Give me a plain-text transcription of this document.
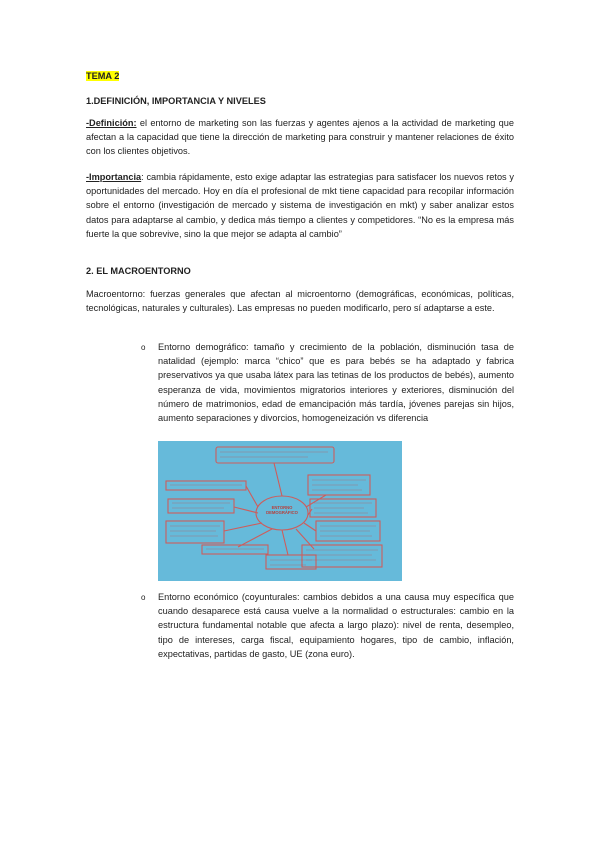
TEMA 2

1.DEFINICIÓN, IMPORTANCIA Y NIVELES

-Definición: el entorno de marketing son las fuerzas y agentes ajenos a la actividad de marketing que afectan a la capacidad que tiene la dirección de marketing para construir y mantener relaciones de éxito con los clientes objetivos.

-Importancia: cambia rápidamente, esto exige adaptar las estrategias para satisfacer los nuevos retos y oportunidades del mercado. Hoy en día el profesional de mkt tiene capacidad para recopilar información sobre el entorno (investigación de mercado y sistema de investigación en mkt) y saber analizar estos datos para adaptarse al cambio, y dedica más tiempo a clientes y competidores. “No es la empresa más fuerte la que sobrevive, sino la que mejor se adapta al cambio”

2. EL MACROENTORNO

Macroentorno: fuerzas generales que afectan al microentorno (demográficas, económicas, políticas, tecnológicas, naturales y culturales). Las empresas no pueden modificarlo, pero sí adaptarse a este.

o Entorno demográfico: tamaño y crecimiento de la población, disminución tasa de natalidad (ejemplo: marca “chico” que es para bebés se ha adaptado y fabrica preservativos ya que usaba látex para las tetinas de los productos de bebés), aumento esperanza de vida, movimientos migratorios interiores y exteriores, disminución del número de matrimonios, edad de emancipación más tardía, jóvenes parejas sin hijos, aumento separaciones y divorcios, homogeneización vs diferencia

ENTORNO DEMOGRÁFICO
o Entorno económico (coyunturales: cambios debidos a una causa muy específica que cuando desaparece está causa vuelve a la normalidad o estructurales: cambio en la estructura fundamental notable que afecta a largo plazo): nivel de renta, desempleo, tipo de intereses, carga fiscal, equipamiento hogares, tipo de cambio, inflación, expectativas, partidas de gasto, UE (zona euro).
